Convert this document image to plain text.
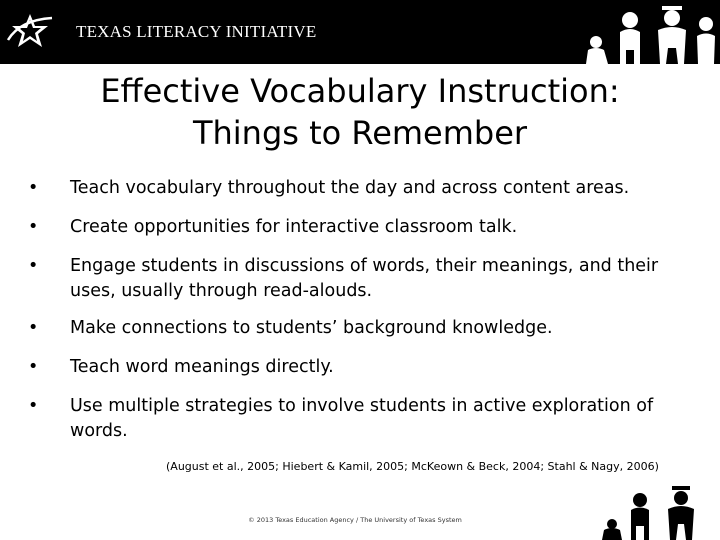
TEXAS LITERACY INITIATIVE
Effective Vocabulary Instruction:
Things to Remember
•	Teach vocabulary throughout the day and across content areas.
•	Create opportunities for interactive classroom talk.
•	Engage students in discussions of words, their meanings, and their uses, usually through read-alouds.
•	Make connections to students’ background knowledge.
•	Teach word meanings directly.
•	Use multiple strategies to involve students in active exploration of words.
(August et al., 2005; Hiebert & Kamil, 2005; McKeown & Beck, 2004; Stahl & Nagy, 2006)
© 2013 Texas Education Agency / The University of Texas System	31
